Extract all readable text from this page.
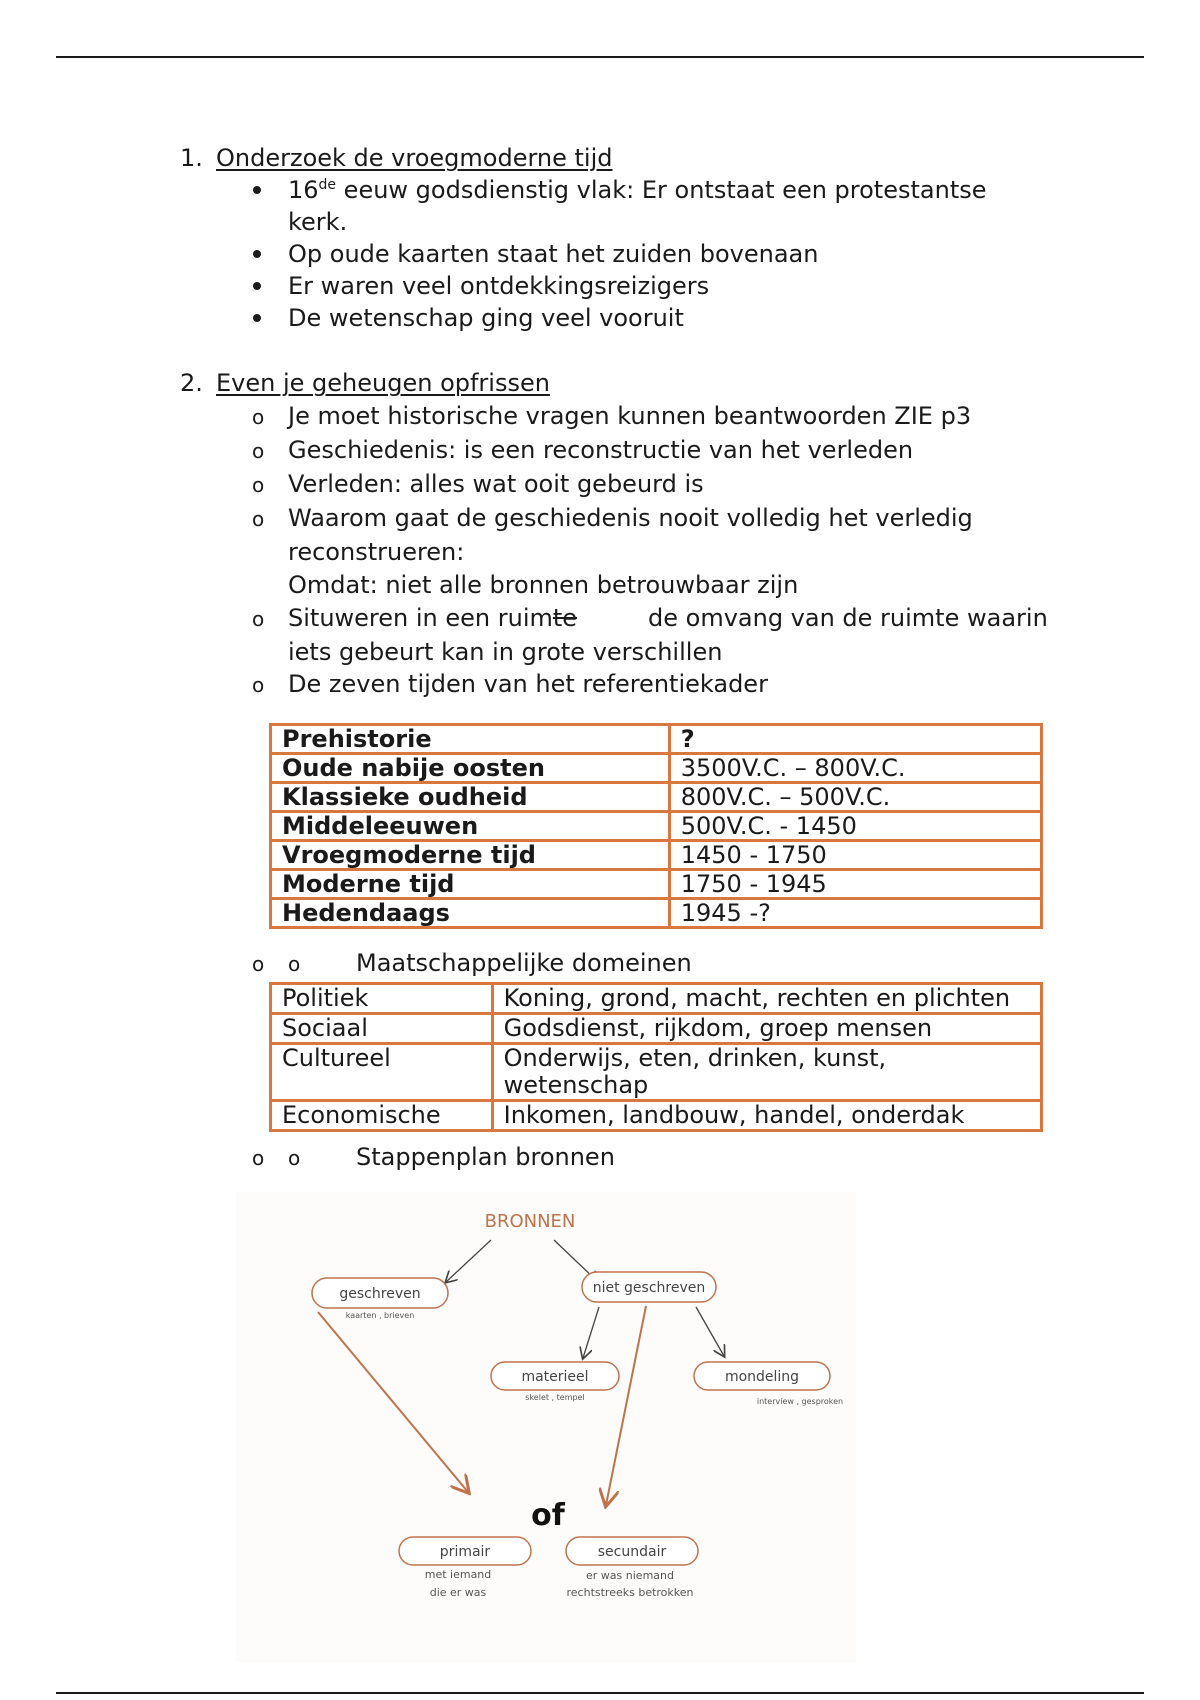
1. Onderzoek de vroegmoderne tijd
16de eeuw godsdienstig vlak: Er ontstaat een protestantse
kerk.
Op oude kaarten staat het zuiden bovenaan
Er waren veel ontdekkingsreizigers
De wetenschap ging veel vooruit
2. Even je geheugen opfrissen
o Je moet historische vragen kunnen beantwoorden ZIE p3
o Geschiedenis: is een reconstructie van het verleden
o Verleden: alles wat ooit gebeurd is
o Waarom gaat de geschiedenis nooit volledig het verledig
reconstrueren:
Omdat: niet alle bronnen betrouwbaar zijn
o Situweren in een ruimte	de omvang van de ruimte waarin
iets gebeurt kan in grote verschillen
o De zeven tijden van het referentiekader
Prehistorie	?
Oude nabije oosten	3500V.C. – 800V.C.
Klassieke oudheid	800V.C. – 500V.C.
Middeleeuwen	500V.C. - 1450
Vroegmoderne tijd	1450 - 1750
Moderne tijd	1750 - 1945
Hedendaags	1945 -?
o o Maatschappelijke domeinen
Politiek	Koning, grond, macht, rechten en plichten
Sociaal	Godsdienst, rijkdom, groep mensen
Cultureel	Onderwijs, eten, drinken, kunst, wetenschap
Economische	Inkomen, landbouw, handel, onderdak
o o Stappenplan bronnen
BRONNEN
geschreven
kaarten , brieven
niet geschreven
materieel
skelet , tempel
mondeling
interview , gesproken
of
primair
met iemand
die er was
secundair
er was niemand
rechtstreeks betrokken
